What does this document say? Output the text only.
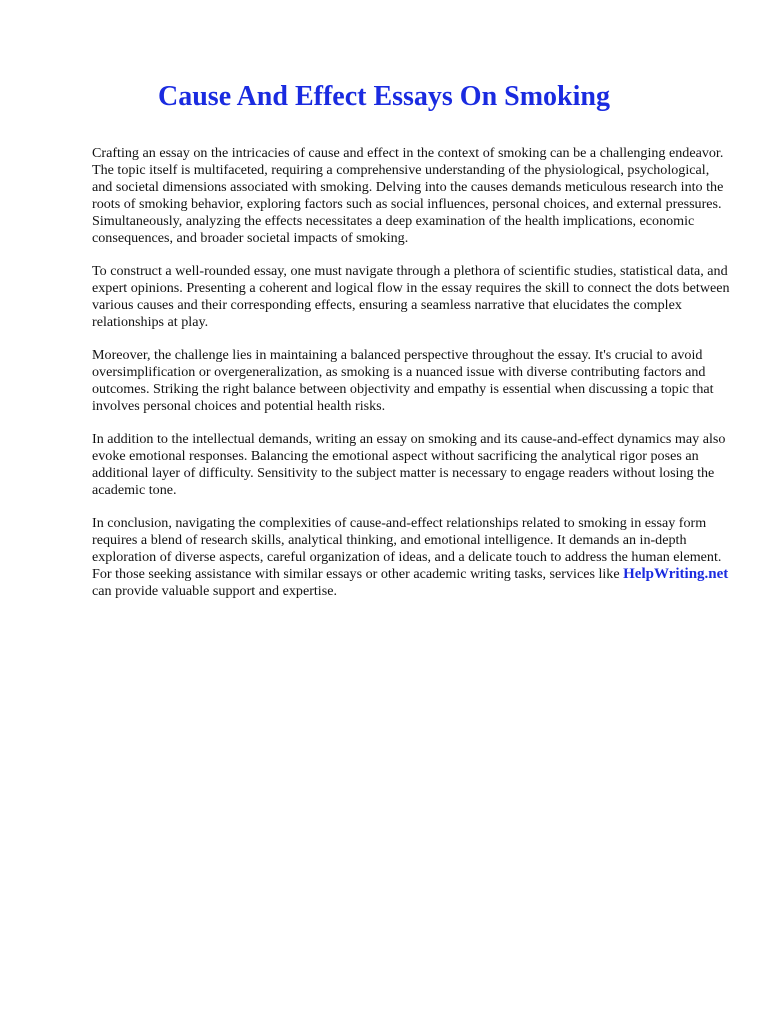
Cause And Effect Essays On Smoking

Crafting an essay on the intricacies of cause and effect in the context of smoking can be a challenging endeavor. The topic itself is multifaceted, requiring a comprehensive understanding of the physiological, psychological, and societal dimensions associated with smoking. Delving into the causes demands meticulous research into the roots of smoking behavior, exploring factors such as social influences, personal choices, and external pressures. Simultaneously, analyzing the effects necessitates a deep examination of the health implications, economic consequences, and broader societal impacts of smoking.

To construct a well-rounded essay, one must navigate through a plethora of scientific studies, statistical data, and expert opinions. Presenting a coherent and logical flow in the essay requires the skill to connect the dots between various causes and their corresponding effects, ensuring a seamless narrative that elucidates the complex relationships at play.

Moreover, the challenge lies in maintaining a balanced perspective throughout the essay. It's crucial to avoid oversimplification or overgeneralization, as smoking is a nuanced issue with diverse contributing factors and outcomes. Striking the right balance between objectivity and empathy is essential when discussing a topic that involves personal choices and potential health risks.

In addition to the intellectual demands, writing an essay on smoking and its cause-and-effect dynamics may also evoke emotional responses. Balancing the emotional aspect without sacrificing the analytical rigor poses an additional layer of difficulty. Sensitivity to the subject matter is necessary to engage readers without losing the academic tone.

In conclusion, navigating the complexities of cause-and-effect relationships related to smoking in essay form requires a blend of research skills, analytical thinking, and emotional intelligence. It demands an in-depth exploration of diverse aspects, careful organization of ideas, and a delicate touch to address the human element. For those seeking assistance with similar essays or other academic writing tasks, services like HelpWriting.net can provide valuable support and expertise.
